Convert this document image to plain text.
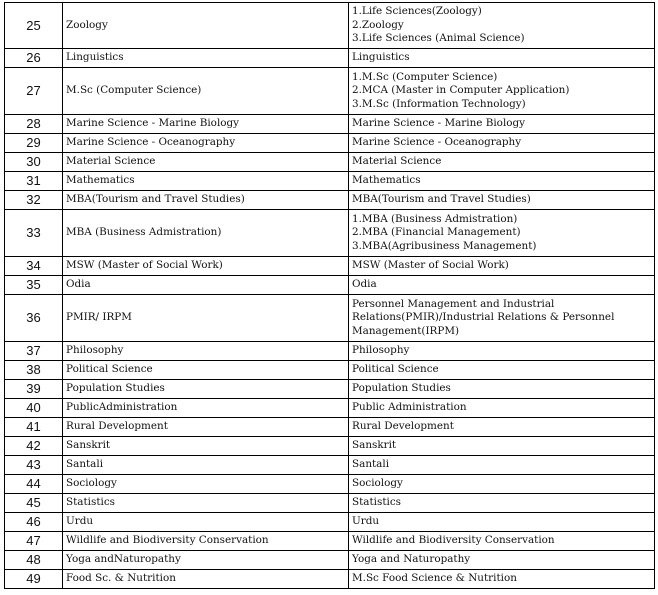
25	Zoology	1.Life Sciences(Zoology)
2.Zoology
3.Life Sciences (Animal Science)

26	Linguistics	Linguistics

27	M.Sc (Computer Science)	1.M.Sc (Computer Science)
2.MCA (Master in Computer Application)
3.M.Sc (Information Technology)

28	Marine Science - Marine Biology	Marine Science - Marine Biology

29	Marine Science - Oceanography	Marine Science - Oceanography

30	Material Science	Material Science

31	Mathematics	Mathematics

32	MBA(Tourism and Travel Studies)	MBA(Tourism and Travel Studies)

33	MBA (Business Admistration)	1.MBA (Business Admistration)
2.MBA (Financial Management)
3.MBA(Agribusiness Management)

34	MSW (Master of Social Work)	MSW (Master of Social Work)

35	Odia	Odia

36	PMIR/ IRPM	Personnel Management and Industrial
Relations(PMIR)/Industrial Relations & Personnel
Management(IRPM)

37	Philosophy	Philosophy

38	Political Science	Political Science

39	Population Studies	Population Studies

40	PublicAdministration	Public Administration

41	Rural Development	Rural Development

42	Sanskrit	Sanskrit

43	Santali	Santali

44	Sociology	Sociology

45	Statistics	Statistics

46	Urdu	Urdu

47	Wildlife and Biodiversity Conservation	Wildlife and Biodiversity Conservation

48	Yoga andNaturopathy	Yoga and Naturopathy

49	Food Sc. & Nutrition	M.Sc Food Science & Nutrition
